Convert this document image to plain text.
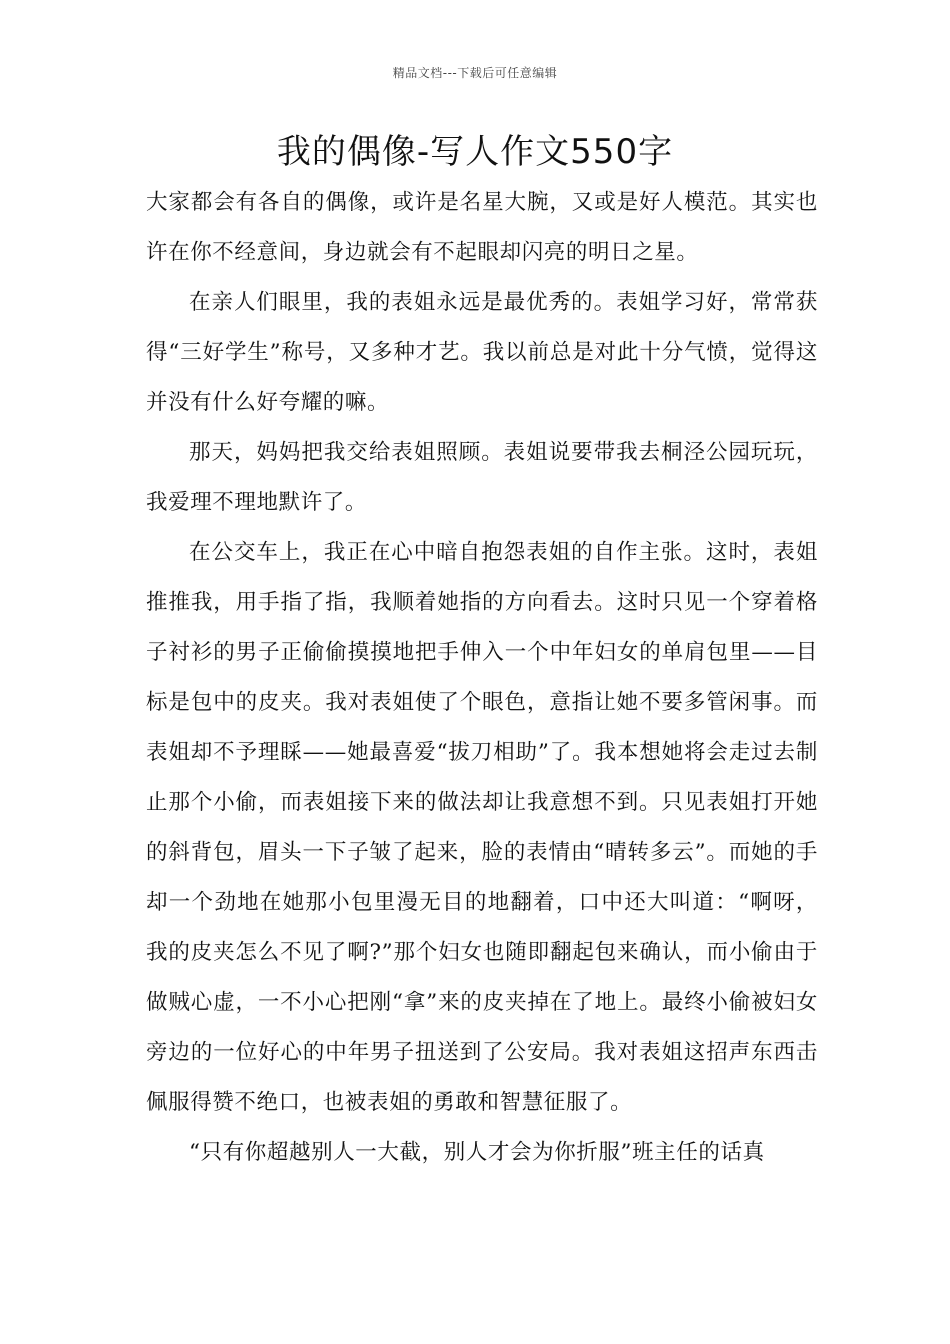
精品文档---下载后可任意编辑

我的偶像-写人作文550字

大家都会有各自的偶像，或许是名星大腕，又或是好人模范。其实也许在你不经意间，身边就会有不起眼却闪亮的明日之星。

在亲人们眼里，我的表姐永远是最优秀的。表姐学习好，常常获得“三好学生”称号，又多种才艺。我以前总是对此十分气愤，觉得这并没有什么好夸耀的嘛。

那天，妈妈把我交给表姐照顾。表姐说要带我去桐泾公园玩玩，我爱理不理地默许了。

在公交车上，我正在心中暗自抱怨表姐的自作主张。这时，表姐推推我，用手指了指，我顺着她指的方向看去。这时只见一个穿着格子衬衫的男子正偷偷摸摸地把手伸入一个中年妇女的单肩包里——目标是包中的皮夹。我对表姐使了个眼色，意指让她不要多管闲事。而表姐却不予理睬——她最喜爱“拔刀相助”了。我本想她将会走过去制止那个小偷，而表姐接下来的做法却让我意想不到。只见表姐打开她的斜背包，眉头一下子皱了起来，脸的表情由“晴转多云”。而她的手却一个劲地在她那小包里漫无目的地翻着，口中还大叫道：“啊呀，我的皮夹怎么不见了啊?”那个妇女也随即翻起包来确认，而小偷由于做贼心虚，一不小心把刚“拿”来的皮夹掉在了地上。最终小偷被妇女旁边的一位好心的中年男子扭送到了公安局。我对表姐这招声东西击佩服得赞不绝口，也被表姐的勇敢和智慧征服了。

“只有你超越别人一大截，别人才会为你折服”班主任的话真
